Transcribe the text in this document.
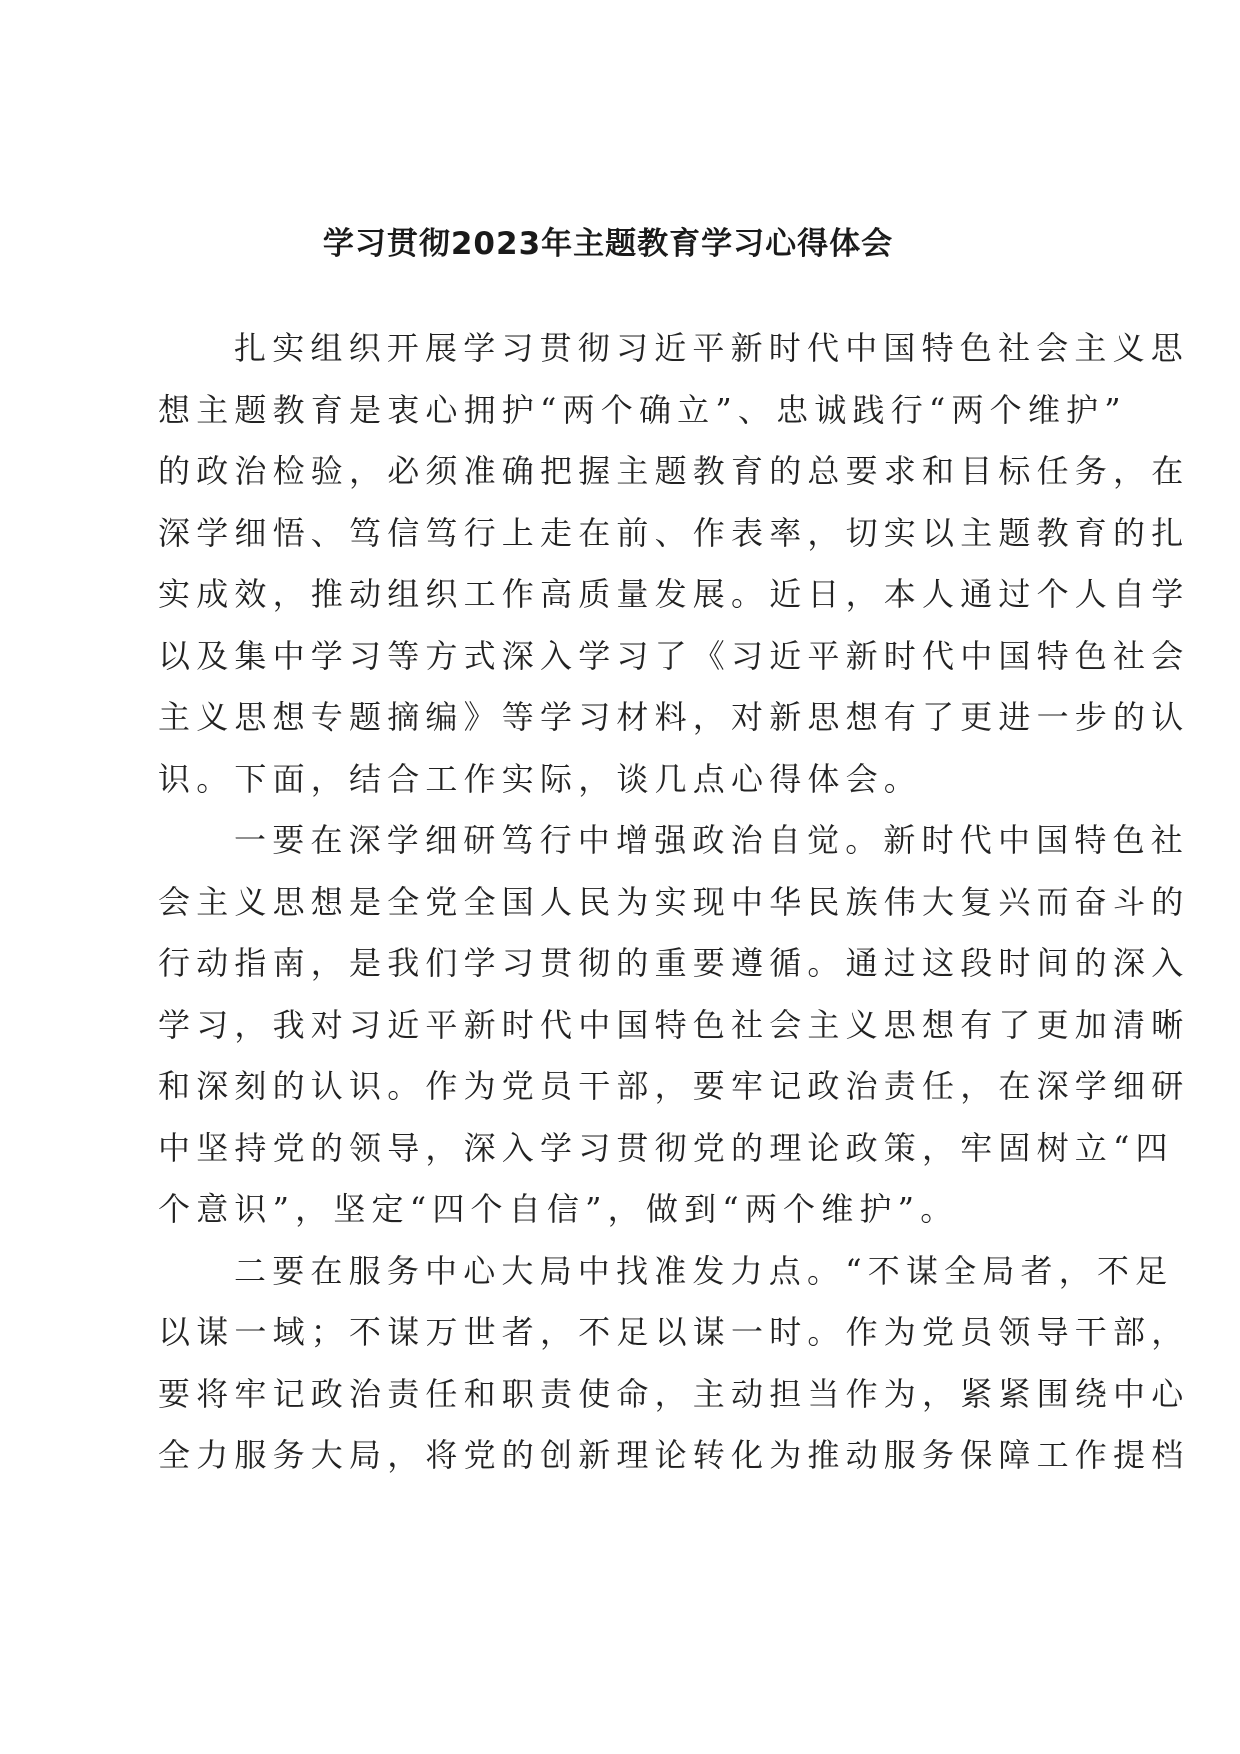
学习贯彻2023年主题教育学习心得体会
扎实组织开展学习贯彻习近平新时代中国特色社会主义思
想主题教育是衷心拥护“两个确立”、忠诚践行“两个维护”
的政治检验，必须准确把握主题教育的总要求和目标任务，在
深学细悟、笃信笃行上走在前、作表率，切实以主题教育的扎
实成效，推动组织工作高质量发展。近日，本人通过个人自学
以及集中学习等方式深入学习了《习近平新时代中国特色社会
主义思想专题摘编》等学习材料，对新思想有了更进一步的认
识。下面，结合工作实际，谈几点心得体会。
一要在深学细研笃行中增强政治自觉。新时代中国特色社
会主义思想是全党全国人民为实现中华民族伟大复兴而奋斗的
行动指南，是我们学习贯彻的重要遵循。通过这段时间的深入
学习，我对习近平新时代中国特色社会主义思想有了更加清晰
和深刻的认识。作为党员干部，要牢记政治责任，在深学细研
中坚持党的领导，深入学习贯彻党的理论政策，牢固树立“四
个意识”，坚定“四个自信”，做到“两个维护”。
二要在服务中心大局中找准发力点。“不谋全局者，不足
以谋一域；不谋万世者，不足以谋一时。作为党员领导干部，
要将牢记政治责任和职责使命，主动担当作为，紧紧围绕中心
全力服务大局，将党的创新理论转化为推动服务保障工作提档
